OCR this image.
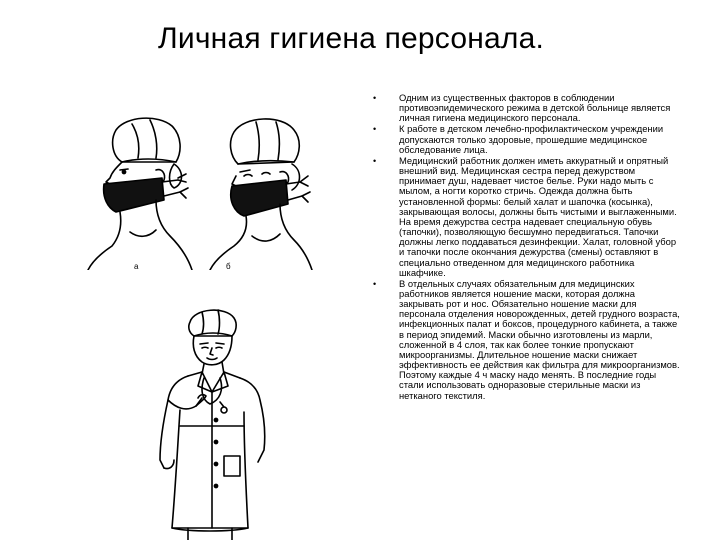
Личная гигиена персонала.
а	б
• Одним из существенных факторов в соблюдении противоэпидемического режима в детской больнице является личная гигиена медицинского персонала.
• К работе в детском лечебно-профилактическом учреждении допускаются только здоровые, прошедшие медицинское обследование лица.
• Медицинский работник должен иметь аккуратный и опрятный внешний вид. Медицинская сестра перед дежурством принимает душ, надевает чистое белье. Руки надо мыть с мылом, а ногти коротко стричь. Одежда должна быть установленной формы: белый халат и шапочка (косынка), закрывающая волосы, должны быть чистыми и выглаженными. На время дежурства сестра надевает специальную обувь (тапочки), позволяющую бесшумно передвигаться. Тапочки должны легко поддаваться дезинфекции. Халат, головной убор и тапочки после окончания дежурства (смены) оставляют в специально отведенном для медицинского работника шкафчике.
• В отдельных случаях обязательным для медицинских работников является ношение маски, которая должна закрывать рот и нос. Обязательно ношение маски для персонала отделения новорожденных, детей грудного возраста, инфекционных палат и боксов, процедурного кабинета, а также в период эпидемий. Маски обычно изготовлены из марли, сложенной в 4 слоя, так как более тонкие пропускают микроорганизмы. Длительное ношение маски снижает эффективность ее действия как фильтра для микроорганизмов. Поэтому каждые 4 ч маску надо менять. В последние годы стали использовать одноразовые стерильные маски из нетканого текстиля.
